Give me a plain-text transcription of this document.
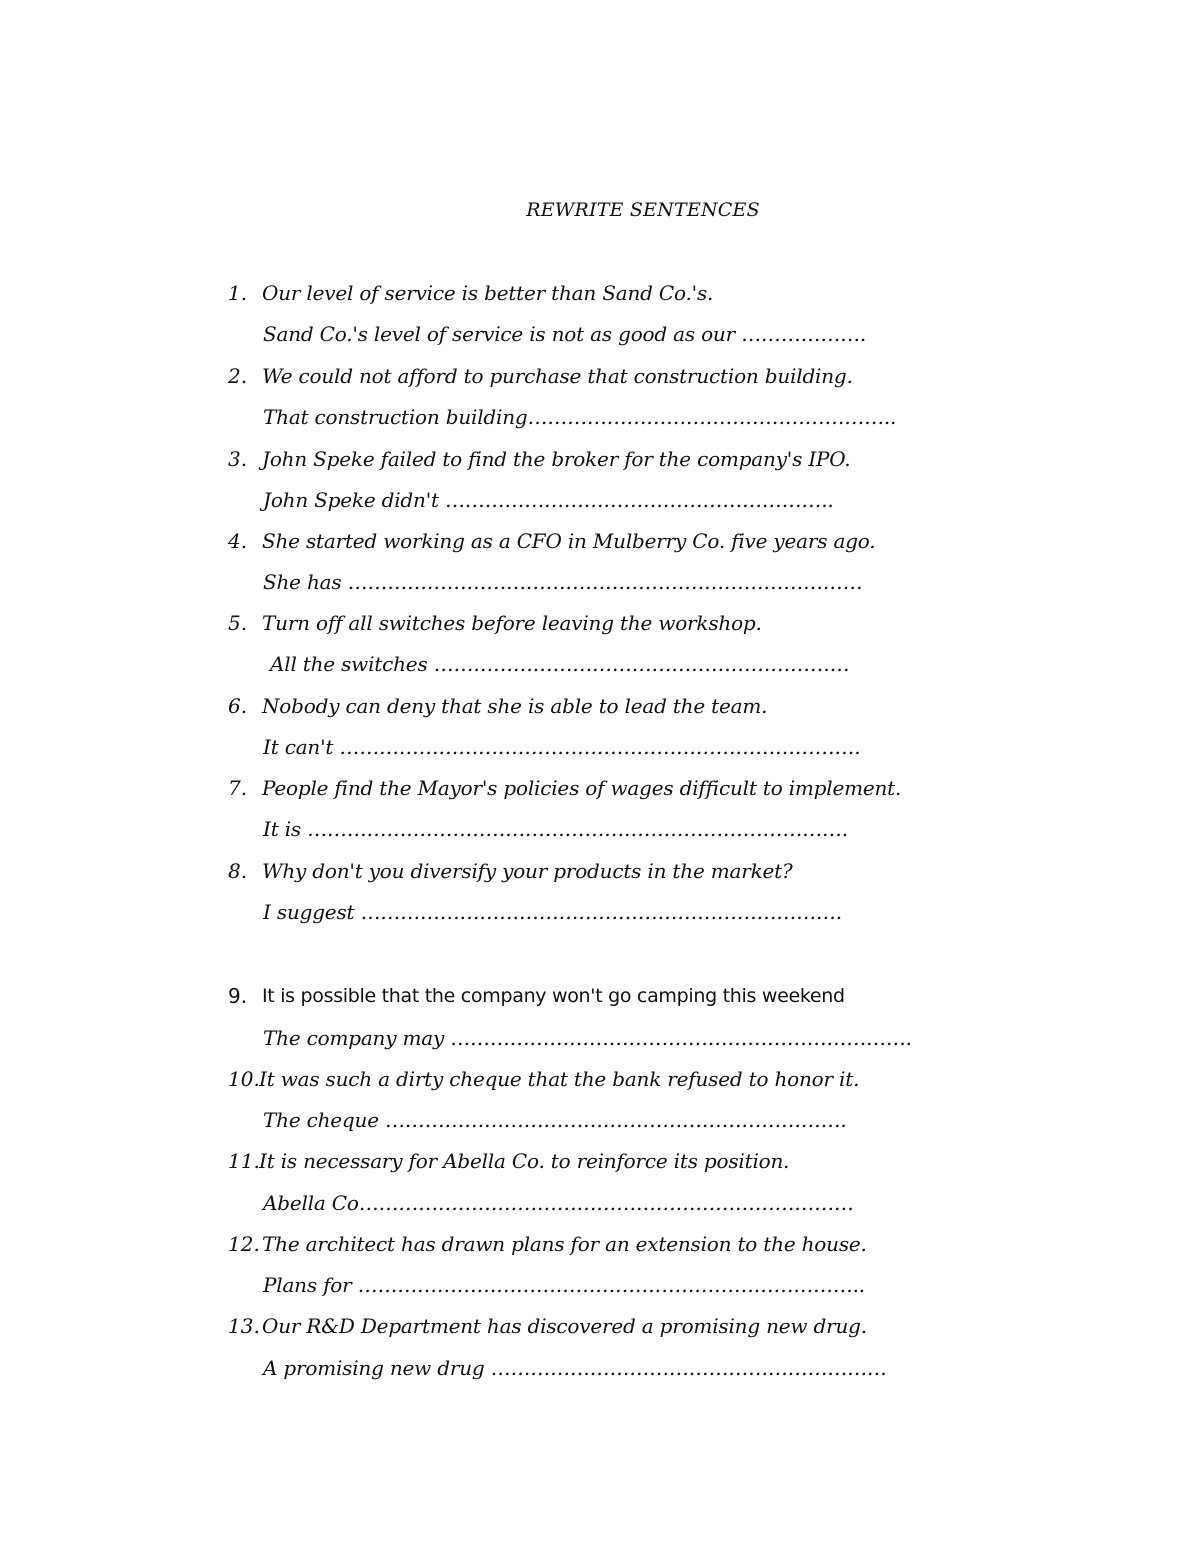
REWRITE SENTENCES
1. Our level of service is better than Sand Co.'s.
Sand Co.'s level of service is not as good as our ……………….
2. We could not afford to purchase that construction building.
That construction building………………………………………………..
3. John Speke failed to find the broker for the company's IPO.
John Speke didn't …………………………………………………..
4. She started working as a CFO in Mulberry Co. five years ago.
She has ……………………………………………………………………
5. Turn off all switches before leaving the workshop.
All the switches ………………………………………………………
6. Nobody can deny that she is able to lead the team.
It can't …………………………………………………………………….
7. People find the Mayor's policies of wages difficult to implement.
It is ……………………………………………………………………….
8. Why don't you diversify your products in the market?
I suggest ……………………………………………………………….
9. It is possible that the company won't go camping this weekend
The company may …………………………………………………………….
10. It was such a dirty cheque that the bank refused to honor it.
The cheque …………………………………………………………….
11. It is necessary for Abella Co. to reinforce its position.
Abella Co…………………………………………………………………
12. The architect has drawn plans for an extension to the house.
Plans for …………………………………………………………………..
13. Our R&D Department has discovered a promising new drug.
A promising new drug ……………………………………………………
